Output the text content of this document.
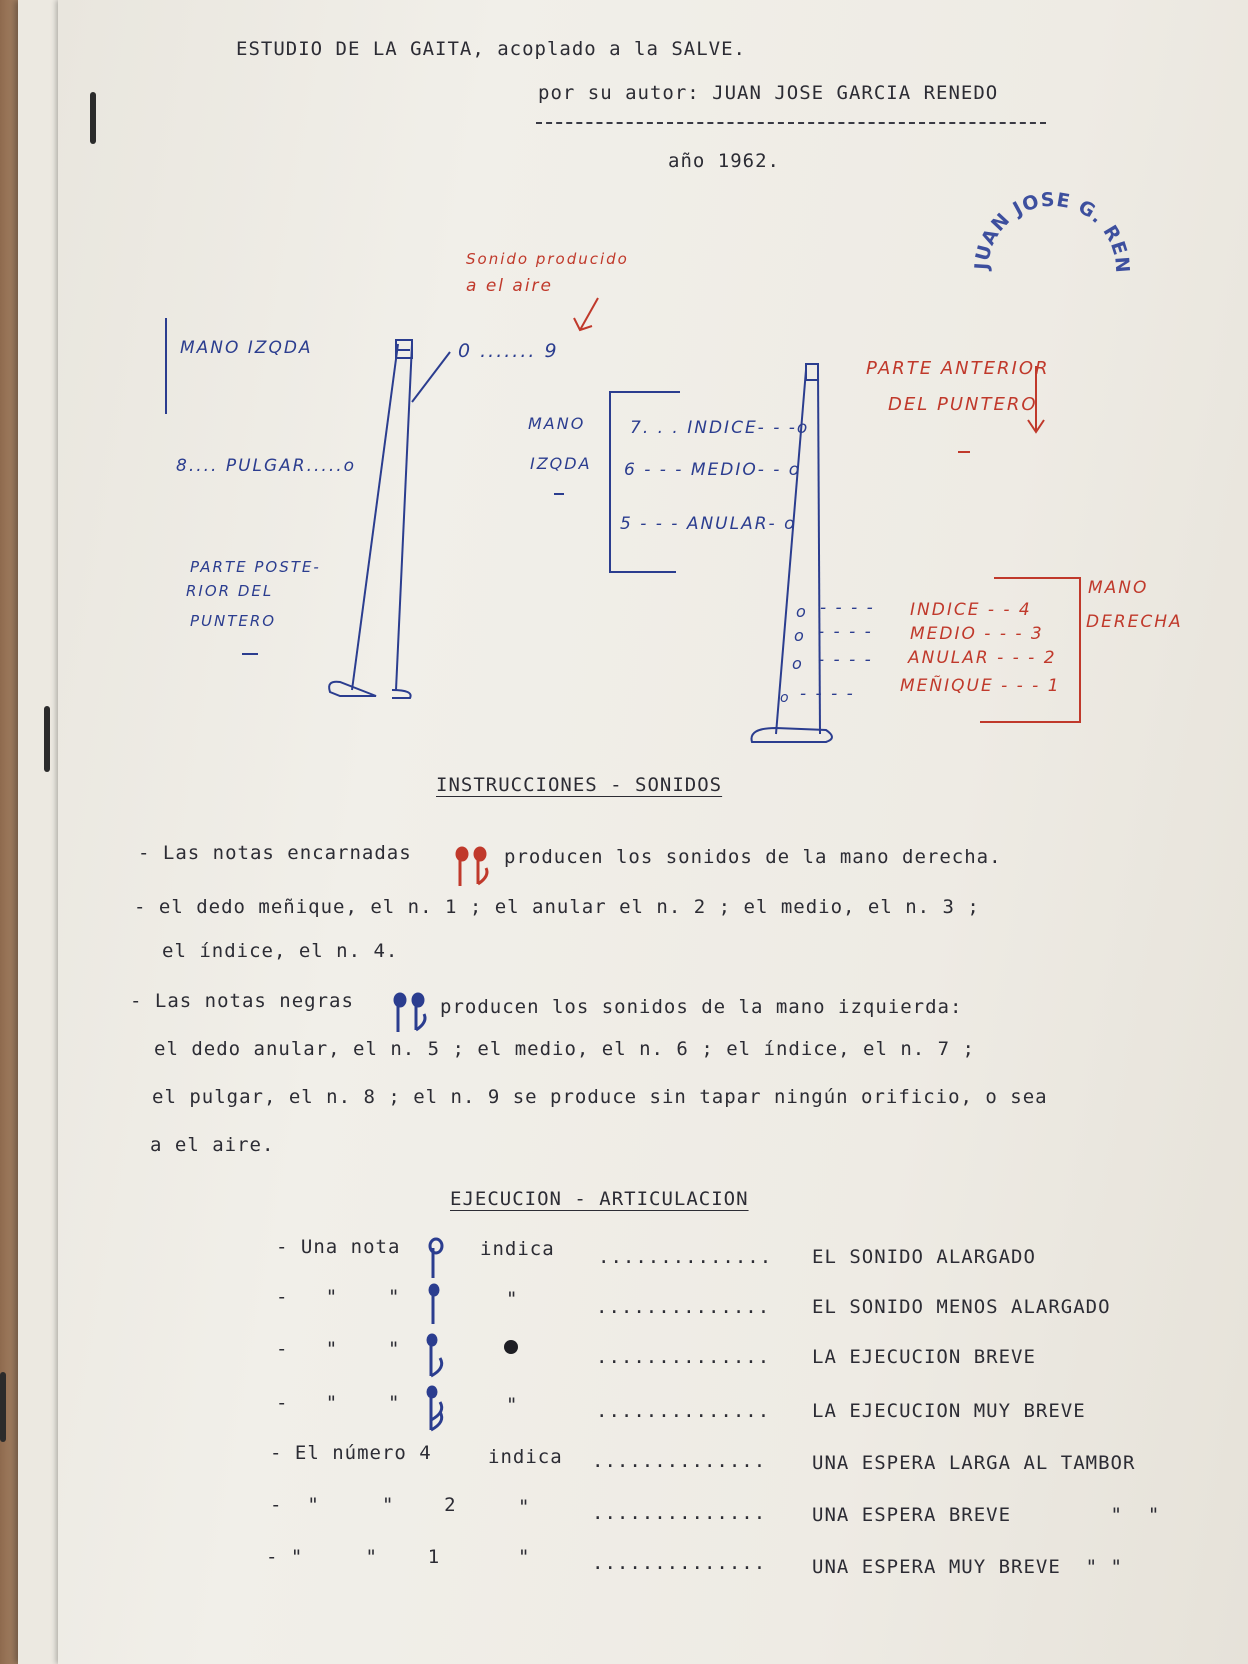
ESTUDIO DE LA GAITA, acoplado a la SALVE.
por su autor: JUAN JOSE GARCIA RENEDO
año 1962.
JUAN JOSE G. RE
Sonido producido
a el aire
MANO IZQDA	0 ....... 9
8.... PULGAR.....o
PARTE POSTE-
RIOR DEL
PUNTERO
MANO
IZQDA
7. . . INDICE- - -o
6 - - - MEDIO- - o
5 - - - ANULAR- o
PARTE ANTERIOR
DEL PUNTERO
MANO
DERECHA
o - - - - INDICE - - 4
o - - - - MEDIO - - - 3
o - - - - ANULAR - - - 2
o - - - -	MEÑIQUE - - - 1
INSTRUCCIONES - SONIDOS
- Las notas encarnadas	producen los sonidos de la mano derecha.
- el dedo meñique, el n. 1 ; el anular el n. 2 ; el medio, el n. 3 ;
el índice, el n. 4.
- Las notas negras	producen los sonidos de la mano izquierda:
el dedo anular, el n. 5 ; el medio, el n. 6 ; el índice, el n. 7 ;
el pulgar, el n. 8 ; el n. 9 se produce sin tapar ningún orificio, o sea
a el aire.
EJECUCION - ARTICULACION
- Una nota	indica .............. EL SONIDO ALARGADO
-   "    "	"	.............. EL SONIDO MENOS ALARGADO
-   "    "	.............. LA EJECUCION BREVE
-   "    "	"	.............. LA EJECUCION MUY BREVE
- El número 4	indica .............. UNA ESPERA LARGA AL TAMBOR
-  "     "    2	"	.............. UNA ESPERA BREVE        "  "
- "     "    1	"	.............. UNA ESPERA MUY BREVE  " "
